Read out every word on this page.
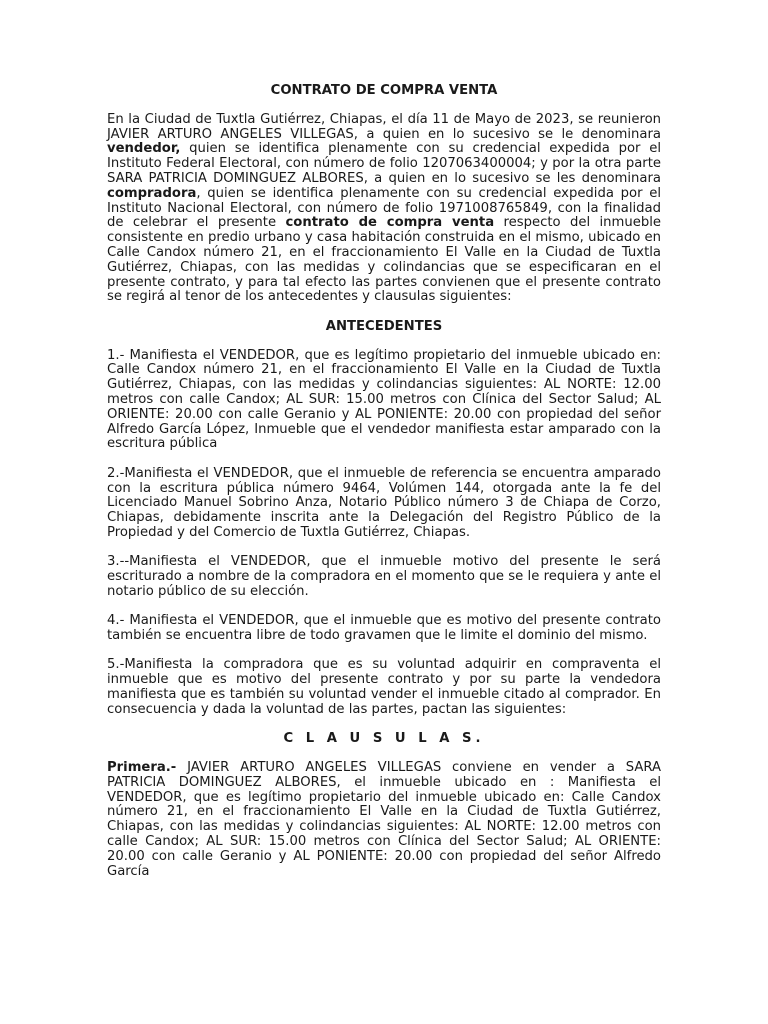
CONTRATO DE COMPRA VENTA

En la Ciudad de Tuxtla Gutiérrez, Chiapas, el día 11 de Mayo de 2023, se reunieron JAVIER ARTURO ANGELES VILLEGAS, a quien en lo sucesivo se le denominara vendedor, quien se identifica plenamente con su credencial expedida por el Instituto Federal Electoral, con número de folio 1207063400004; y por la otra parte SARA PATRICIA DOMINGUEZ ALBORES, a quien en lo sucesivo se les denominara compradora, quien se identifica plenamente con su credencial expedida por el Instituto Nacional Electoral, con número de folio 1971008765849, con la finalidad de celebrar el presente contrato de compra venta respecto del inmueble consistente en predio urbano y casa habitación construida en el mismo, ubicado en Calle Candox número 21, en el fraccionamiento El Valle en la Ciudad de Tuxtla Gutiérrez, Chiapas, con las medidas y colindancias que se especificaran en el presente contrato, y para tal efecto las partes convienen que el presente contrato se regirá al tenor de los antecedentes y clausulas siguientes:

ANTECEDENTES

1.- Manifiesta el VENDEDOR, que es legítimo propietario del inmueble ubicado en: Calle Candox número 21, en el fraccionamiento El Valle en la Ciudad de Tuxtla Gutiérrez, Chiapas, con las medidas y colindancias siguientes: AL NORTE: 12.00 metros con calle Candox; AL SUR: 15.00 metros con Clínica del Sector Salud; AL ORIENTE: 20.00 con calle Geranio y AL PONIENTE: 20.00 con propiedad del señor Alfredo García López, Inmueble que el vendedor manifiesta estar amparado con la escritura pública

2.-Manifiesta el VENDEDOR, que el inmueble de referencia se encuentra amparado con la escritura pública número 9464, Volúmen 144, otorgada ante la fe del Licenciado Manuel Sobrino Anza, Notario Público número 3 de Chiapa de Corzo, Chiapas, debidamente inscrita ante la Delegación del Registro Público de la Propiedad y del Comercio de Tuxtla Gutiérrez, Chiapas.

3.--Manifiesta el VENDEDOR, que el inmueble motivo del presente le será escriturado a nombre de la compradora en el momento que se le requiera y ante el notario público de su elección.

4.- Manifiesta el VENDEDOR, que el inmueble que es motivo del presente contrato también se encuentra libre de todo gravamen que le limite el dominio del mismo.

5.-Manifiesta la compradora que es su voluntad adquirir en compraventa el inmueble que es motivo del presente contrato y por su parte la vendedora manifiesta que es también su voluntad vender el inmueble citado al comprador. En consecuencia y dada la voluntad de las partes, pactan las siguientes:

C L A U S U L A S.

Primera.- JAVIER ARTURO ANGELES VILLEGAS conviene en vender a SARA PATRICIA DOMINGUEZ ALBORES, el inmueble ubicado en : Manifiesta el VENDEDOR, que es legítimo propietario del inmueble ubicado en: Calle Candox número 21, en el fraccionamiento El Valle en la Ciudad de Tuxtla Gutiérrez, Chiapas, con las medidas y colindancias siguientes: AL NORTE: 12.00 metros con calle Candox; AL SUR: 15.00 metros con Clínica del Sector Salud; AL ORIENTE: 20.00 con calle Geranio y AL PONIENTE: 20.00 con propiedad del señor Alfredo García
